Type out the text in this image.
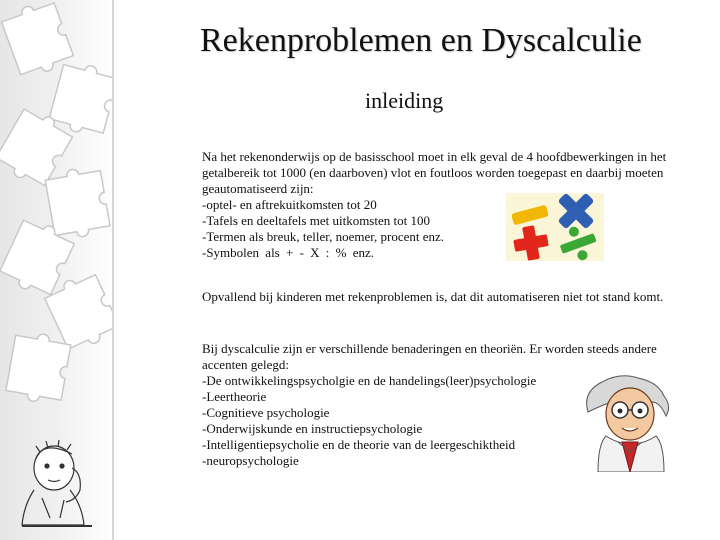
Rekenproblemen en Dyscalculie
inleiding
Na het rekenonderwijs op de basisschool moet in elk geval de 4 hoofdbewerkingen in het getalbereik tot 1000 (en daarboven) vlot en foutloos worden toegepast en daarbij moeten geautomatiseerd zijn:
-optel- en aftrekuitkomsten tot 20
-Tafels en deeltafels met uitkomsten tot 100
-Termen als breuk, teller, noemer, procent enz.
-Symbolen als + - X : % enz.
Opvallend bij kinderen met rekenproblemen is, dat dit automatiseren niet tot stand komt.
Bij dyscalculie zijn er verschillende benaderingen en theoriën. Er worden steeds andere accenten gelegd:
-De ontwikkelingspsycholgie en de handelings(leer)psychologie
-Leertheorie
-Cognitieve psychologie
-Onderwijskunde en instructiepsychologie
-Intelligentiepsycholie en de theorie van de leergeschiktheid
-neuropsychologie
